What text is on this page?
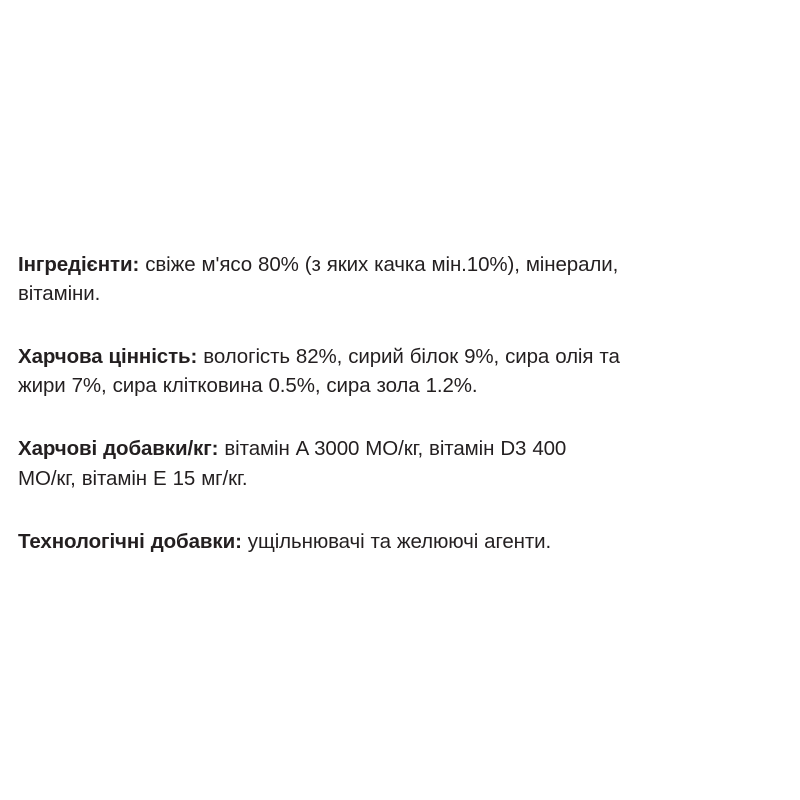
Інгредієнти: свіже м'ясо 80% (з яких качка мін.10%), мінерали, вітаміни.

Харчова цінність: вологість 82%, сирий білок 9%, сира олія та жири 7%, сира клітковина 0.5%, сира зола 1.2%.

Харчові добавки/кг: вітамін A 3000 МО/кг, вітамін D3 400 МО/кг, вітамін E 15 мг/кг.

Технологічні добавки: ущільнювачі та желюючі агенти.
